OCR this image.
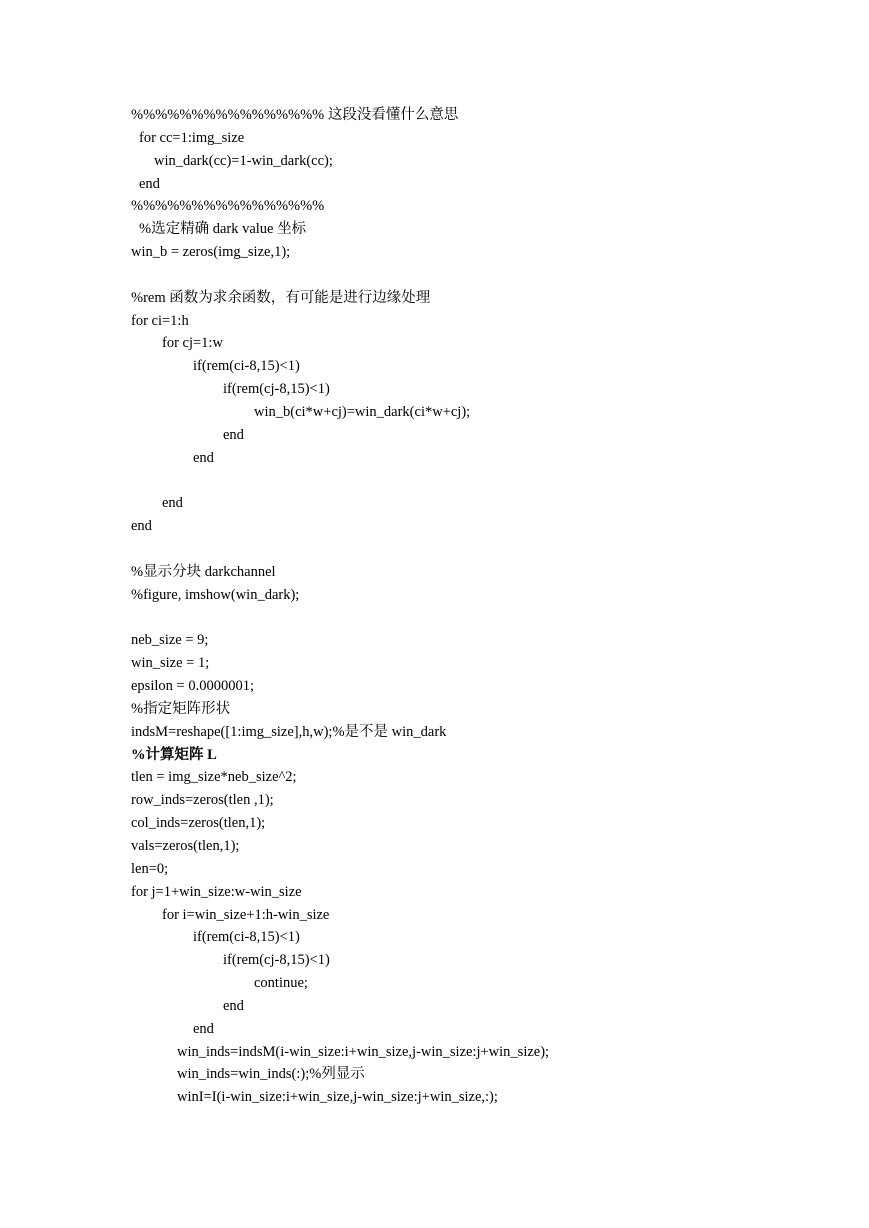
%%%%%%%%%%%%%%%% 这段没看懂什么意思
for cc=1:img_size
win_dark(cc)=1-win_dark(cc);
end
%%%%%%%%%%%%%%%%
%选定精确 dark value 坐标
win_b = zeros(img_size,1);
%rem 函数为求余函数，有可能是进行边缘处理
for ci=1:h
for cj=1:w
if(rem(ci-8,15)<1)
if(rem(cj-8,15)<1)
win_b(ci*w+cj)=win_dark(ci*w+cj);
end
end
end
end
%显示分块 darkchannel
%figure, imshow(win_dark);
neb_size = 9;
win_size = 1;
epsilon = 0.0000001;
%指定矩阵形状
indsM=reshape([1:img_size],h,w);%是不是 win_dark
%计算矩阵 L
tlen = img_size*neb_size^2;
row_inds=zeros(tlen ,1);
col_inds=zeros(tlen,1);
vals=zeros(tlen,1);
len=0;
for j=1+win_size:w-win_size
for i=win_size+1:h-win_size
if(rem(ci-8,15)<1)
if(rem(cj-8,15)<1)
continue;
end
end
win_inds=indsM(i-win_size:i+win_size,j-win_size:j+win_size);
win_inds=win_inds(:);%列显示
winI=I(i-win_size:i+win_size,j-win_size:j+win_size,:);
